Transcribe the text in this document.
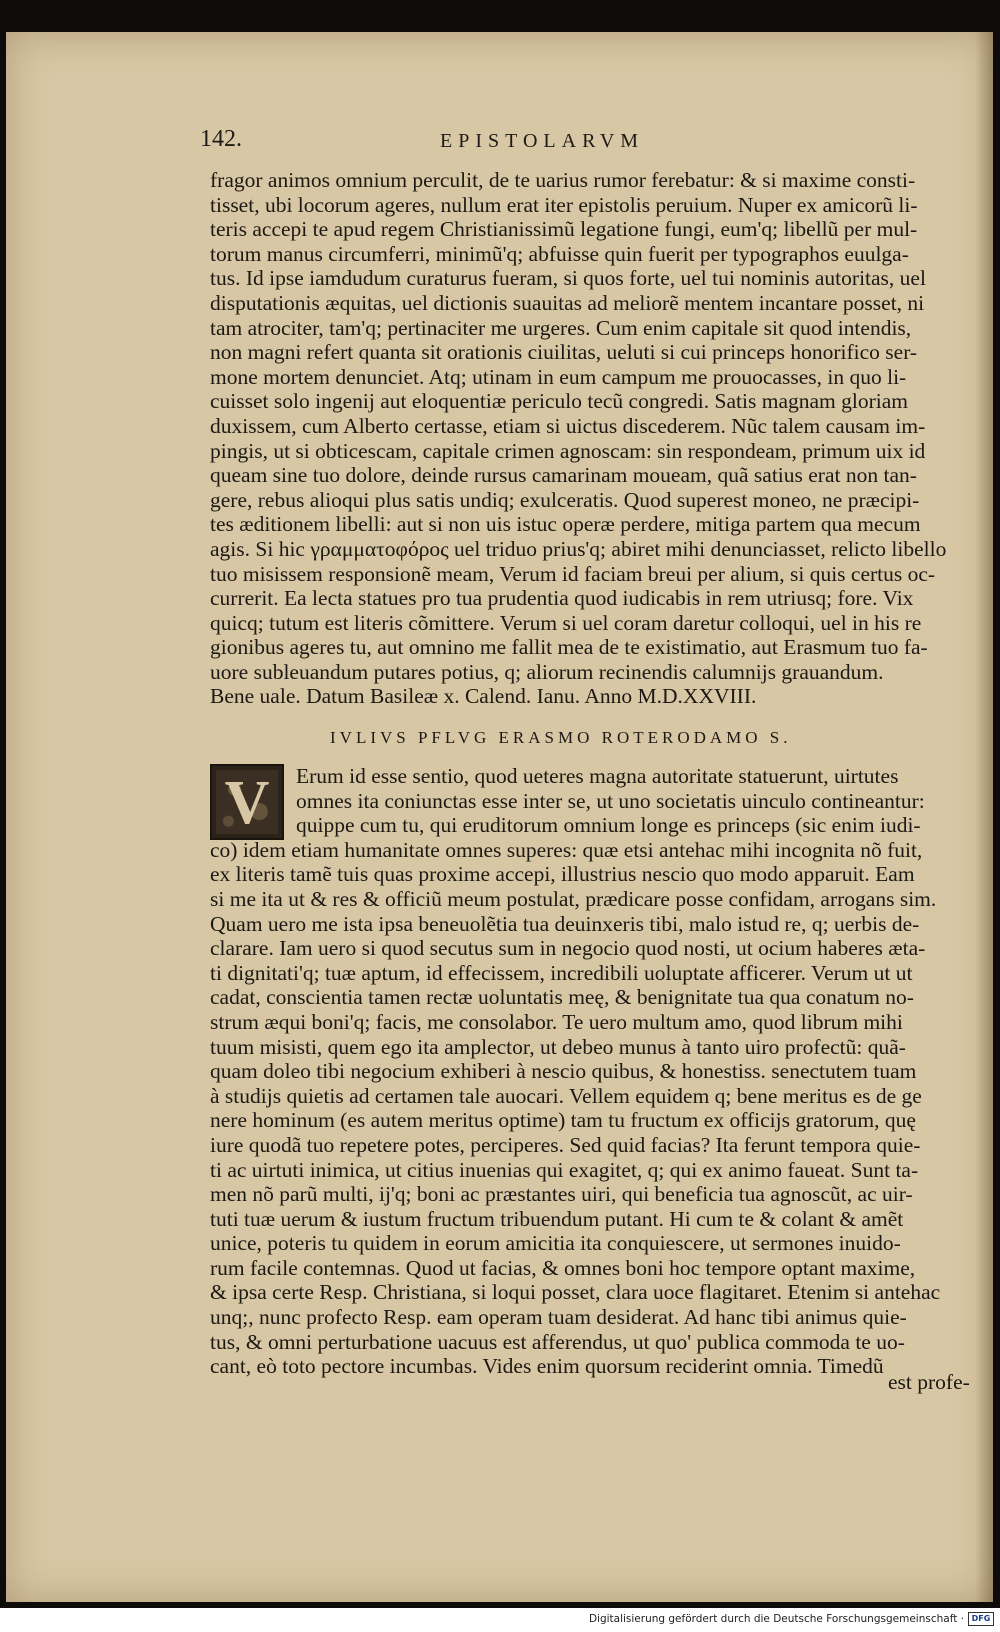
142.	EPISTOLARVM
fragor animos omnium perculit, de te uarius rumor ferebatur: & si maxime consti-
tisset, ubi locorum ageres, nullum erat iter epistolis peruium. Nuper ex amicorũ li-
teris accepi te apud regem Christianissimũ legatione fungi, eum'q; libellũ per mul-
torum manus circumferri, minimũ'q; abfuisse quin fuerit per typographos euulga-
tus. Id ipse iamdudum curaturus fueram, si quos forte, uel tui nominis autoritas, uel
disputationis æquitas, uel dictionis suauitas ad meliorẽ mentem incantare posset, ni
tam atrociter, tam'q; pertinaciter me urgeres. Cum enim capitale sit quod intendis,
non magni refert quanta sit orationis ciuilitas, ueluti si cui princeps honorifico ser-
mone mortem denunciet. Atq; utinam in eum campum me prouocasses, in quo li-
cuisset solo ingenij aut eloquentiæ periculo tecũ congredi. Satis magnam gloriam
duxissem, cum Alberto certasse, etiam si uictus discederem. Nũc talem causam im-
pingis, ut si obticescam, capitale crimen agnoscam: sin respondeam, primum uix id
queam sine tuo dolore, deinde rursus camarinam moueam, quã satius erat non tan-
gere, rebus alioqui plus satis undiq; exulceratis. Quod superest moneo, ne præcipi-
tes æditionem libelli: aut si non uis istuc operæ perdere, mitiga partem qua mecum
agis. Si hic γραμματοφόρος uel triduo prius'q; abiret mihi denunciasset, relicto libello
tuo misissem responsionẽ meam, Verum id faciam breui per alium, si quis certus oc-
currerit. Ea lecta statues pro tua prudentia quod iudicabis in rem utriusq; fore. Vix
quicq; tutum est literis cõmittere. Verum si uel coram daretur colloqui, uel in his re
gionibus ageres tu, aut omnino me fallit mea de te existimatio, aut Erasmum tuo fa-
uore subleuandum putares potius, q; aliorum recinendis calumnijs grauandum.
Bene uale. Datum Basileæ x. Calend. Ianu. Anno M.D.XXVIII.
IVLIVS PFLVG ERASMO ROTERODAMO S.
V	Erum id esse sentio, quod ueteres magna autoritate statuerunt, uirtutes
omnes ita coniunctas esse inter se, ut uno societatis uinculo contineantur:
quippe cum tu, qui eruditorum omnium longe es princeps (sic enim iudi-
co) idem etiam humanitate omnes superes: quæ etsi antehac mihi incognita nõ fuit,
ex literis tamẽ tuis quas proxime accepi, illustrius nescio quo modo apparuit. Eam
si me ita ut & res & officiũ meum postulat, prædicare posse confidam, arrogans sim.
Quam uero me ista ipsa beneuolẽtia tua deuinxeris tibi, malo istud re, q; uerbis de-
clarare. Iam uero si quod secutus sum in negocio quod nosti, ut ocium haberes æta-
ti dignitati'q; tuæ aptum, id effecissem, incredibili uoluptate afficerer. Verum ut ut
cadat, conscientia tamen rectæ uoluntatis meę, & benignitate tua qua conatum no-
strum æqui boni'q; facis, me consolabor. Te uero multum amo, quod librum mihi
tuum misisti, quem ego ita amplector, ut debeo munus à tanto uiro profectũ: quã-
quam doleo tibi negocium exhiberi à nescio quibus, & honestiss. senectutem tuam
à studijs quietis ad certamen tale auocari. Vellem equidem q; bene meritus es de ge
nere hominum (es autem meritus optime) tam tu fructum ex officijs gratorum, quę
iure quodã tuo repetere potes, perciperes. Sed quid facias? Ita ferunt tempora quie-
ti ac uirtuti inimica, ut citius inuenias qui exagitet, q; qui ex animo faueat. Sunt ta-
men nõ parũ multi, ij'q; boni ac præstantes uiri, qui beneficia tua agnoscũt, ac uir-
tuti tuæ uerum & iustum fructum tribuendum putant. Hi cum te & colant & amẽt
unice, poteris tu quidem in eorum amicitia ita conquiescere, ut sermones inuido-
rum facile contemnas. Quod ut facias, & omnes boni hoc tempore optant maxime,
& ipsa certe Resp. Christiana, si loqui posset, clara uoce flagitaret. Etenim si antehac
unq;, nunc profecto Resp. eam operam tuam desiderat. Ad hanc tibi animus quie-
tus, & omni perturbatione uacuus est afferendus, ut quo' publica commoda te uo-
cant, eò toto pectore incumbas. Vides enim quorsum reciderint omnia. Timedũ
est profe-
Digitalisierung gefördert durch die Deutsche Forschungsgemeinschaft · DFG
